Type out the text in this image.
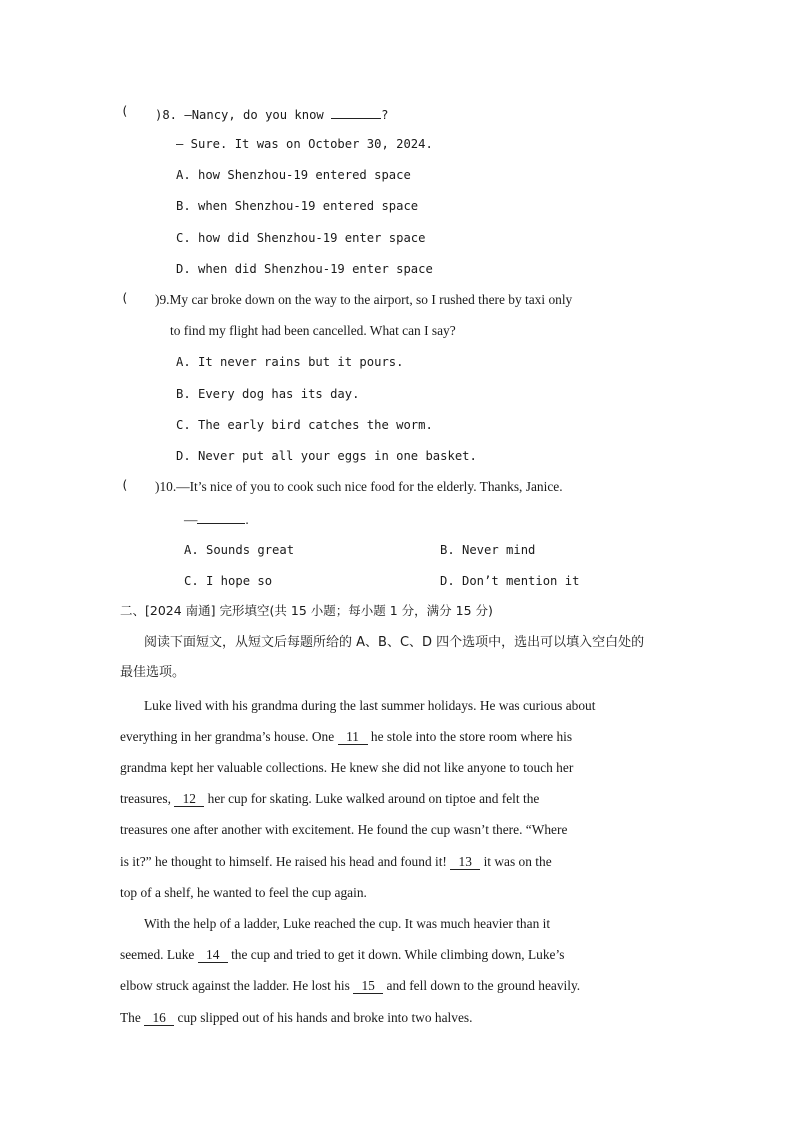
( )8. —Nancy, do you know	?
— Sure. It was on October 30, 2024.
A. how Shenzhou-19 entered space
B. when Shenzhou-19 entered space
C. how did Shenzhou-19 enter space
D. when did Shenzhou-19 enter space
( )9.My car broke down on the way to the airport, so I rushed there by taxi only
to find my flight had been cancelled. What can I say?
A. It never rains but it pours.
B. Every dog has its day.
C. The early bird catches the worm.
D. Never put all your eggs in one basket.
( )10.—It’s nice of you to cook such nice food for the elderly. Thanks, Janice.
—	.
A. Sounds great	B. Never mind
C. I hope so	D. Don’t mention it
二、[2024 南通] 完形填空(共 15 小题；每小题 1 分，满分 15 分)
阅读下面短文，从短文后每题所给的 A、B、C、D 四个选项中，选出可以填入空白处的
最佳选项。
Luke lived with his grandma during the last summer holidays. He was curious about
everything in her grandma’s house. One 11 he stole into the store room where his
grandma kept her valuable collections. He knew she did not like anyone to touch her
treasures, 12 her cup for skating. Luke walked around on tiptoe and felt the
treasures one after another with excitement. He found the cup wasn’t there. “Where
is it?” he thought to himself. He raised his head and found it! 13 it was on the
top of a shelf, he wanted to feel the cup again.
With the help of a ladder, Luke reached the cup. It was much heavier than it
seemed. Luke 14 the cup and tried to get it down. While climbing down, Luke’s
elbow struck against the ladder. He lost his 15 and fell down to the ground heavily.
The 16 cup slipped out of his hands and broke into two halves.
